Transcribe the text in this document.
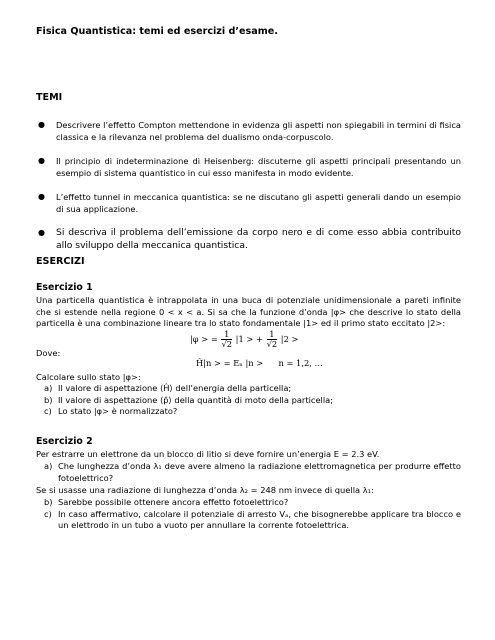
Fisica Quantistica: temi ed esercizi d’esame.
TEMI
● Descrivere l’effetto Compton mettendone in evidenza gli aspetti non spiegabili in termini di fisica classica e la rilevanza nel problema del dualismo onda-corpuscolo.
● Il principio di indeterminazione di Heisenberg: discuterne gli aspetti principali presentando un esempio di sistema quantistico in cui esso manifesta in modo evidente.
● L’effetto tunnel in meccanica quantistica: se ne discutano gli aspetti generali dando un esempio di sua applicazione.
● Si descriva il problema dell’emissione da corpo nero e di come esso abbia contribuito allo sviluppo della meccanica quantistica.
ESERCIZI
Esercizio 1
Una particella quantistica è intrappolata in una buca di potenziale unidimensionale a pareti infinite che si estende nella regione 0 < x < a. Si sa che la funzione d’onda |φ> che descrive lo stato della particella è una combinazione lineare tra lo stato fondamentale |1> ed il primo stato eccitato |2>:
|φ > = $\frac{1}{√2} |1$ > + $\frac{1}{√2} |2$ >
Dove:
Ĥ|n > = Eₙ |n > n = 1,2, …
Calcolare sullo stato |φ>:
a) Il valore di aspettazione ⟨Ĥ⟩ dell’energia della particella;
b) Il valore di aspettazione ⟨p̂⟩ della quantità di moto della particella;
c) Lo stato |φ> è normalizzato?
Esercizio 2
Per estrarre un elettrone da un blocco di litio si deve fornire un’energia E = 2.3 eV.
a) Che lunghezza d’onda λ₁ deve avere almeno la radiazione elettromagnetica per produrre effetto fotoelettrico?
Se si usasse una radiazione di lunghezza d’onda λ₂ = 248 nm invece di quella λ₁:
b) Sarebbe possibile ottenere ancora effetto fotoelettrico?
c) In caso affermativo, calcolare il potenziale di arresto Vₐ, che bisognerebbe applicare tra blocco e un elettrodo in un tubo a vuoto per annullare la corrente fotoelettrica.
